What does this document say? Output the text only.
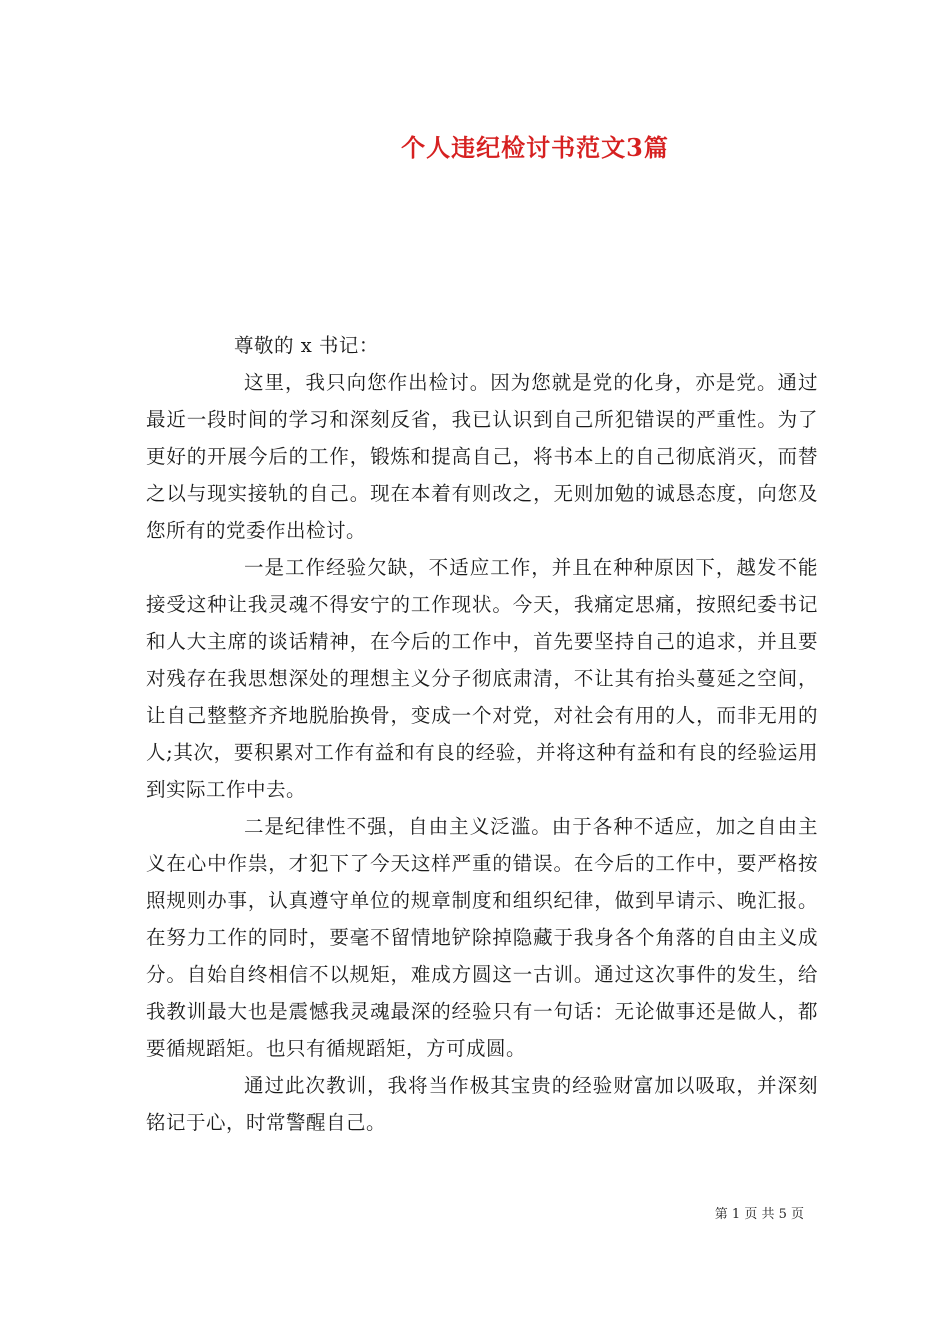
个人违纪检讨书范文3篇

尊敬的 x 书记：

这里，我只向您作出检讨。因为您就是党的化身，亦是党。通过最近一段时间的学习和深刻反省，我已认识到自己所犯错误的严重性。为了更好的开展今后的工作，锻炼和提高自己，将书本上的自己彻底消灭，而替之以与现实接轨的自己。现在本着有则改之，无则加勉的诚恳态度，向您及您所有的党委作出检讨。

一是工作经验欠缺，不适应工作，并且在种种原因下，越发不能接受这种让我灵魂不得安宁的工作现状。今天，我痛定思痛，按照纪委书记和人大主席的谈话精神，在今后的工作中，首先要坚持自己的追求，并且要对残存在我思想深处的理想主义分子彻底肃清，不让其有抬头蔓延之空间，让自己整整齐齐地脱胎换骨，变成一个对党，对社会有用的人，而非无用的人;其次，要积累对工作有益和有良的经验，并将这种有益和有良的经验运用到实际工作中去。

二是纪律性不强，自由主义泛滥。由于各种不适应，加之自由主义在心中作祟，才犯下了今天这样严重的错误。在今后的工作中，要严格按照规则办事，认真遵守单位的规章制度和组织纪律，做到早请示、晚汇报。在努力工作的同时，要毫不留情地铲除掉隐藏于我身各个角落的自由主义成分。自始自终相信不以规矩，难成方圆这一古训。通过这次事件的发生，给我教训最大也是震憾我灵魂最深的经验只有一句话：无论做事还是做人，都要循规蹈矩。也只有循规蹈矩，方可成圆。

通过此次教训，我将当作极其宝贵的经验财富加以吸取，并深刻铭记于心，时常警醒自己。

第 1 页 共 5 页
